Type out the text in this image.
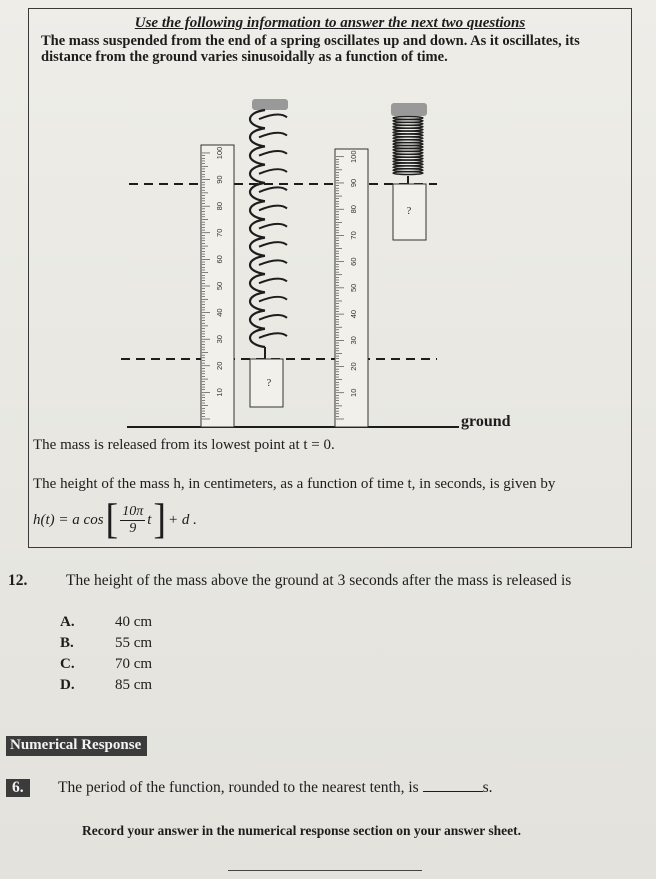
Use the following information to answer the next two questions
The mass suspended from the end of a spring oscillates up and down. As it oscillates, its distance from the ground varies sinusoidally as a function of time.
10
20
30
40
50
60
70
80
90
100
10
20
30
40
50
60
70
80
90
100
?
?
ground
The mass is released from its lowest point at t = 0.
The height of the mass h, in centimeters, as a function of time t, in seconds, is given by
h(t) = a cos [ $\frac{10\pi}{9}$ t ] + d .
12. The height of the mass above the ground at 3 seconds after the mass is released is
A.	40 cm
B.	55 cm
C.	70 cm
D.	85 cm
Numerical Response
6.	The period of the function, rounded to the nearest tenth, is	s.
Record your answer in the numerical response section on your answer sheet.
